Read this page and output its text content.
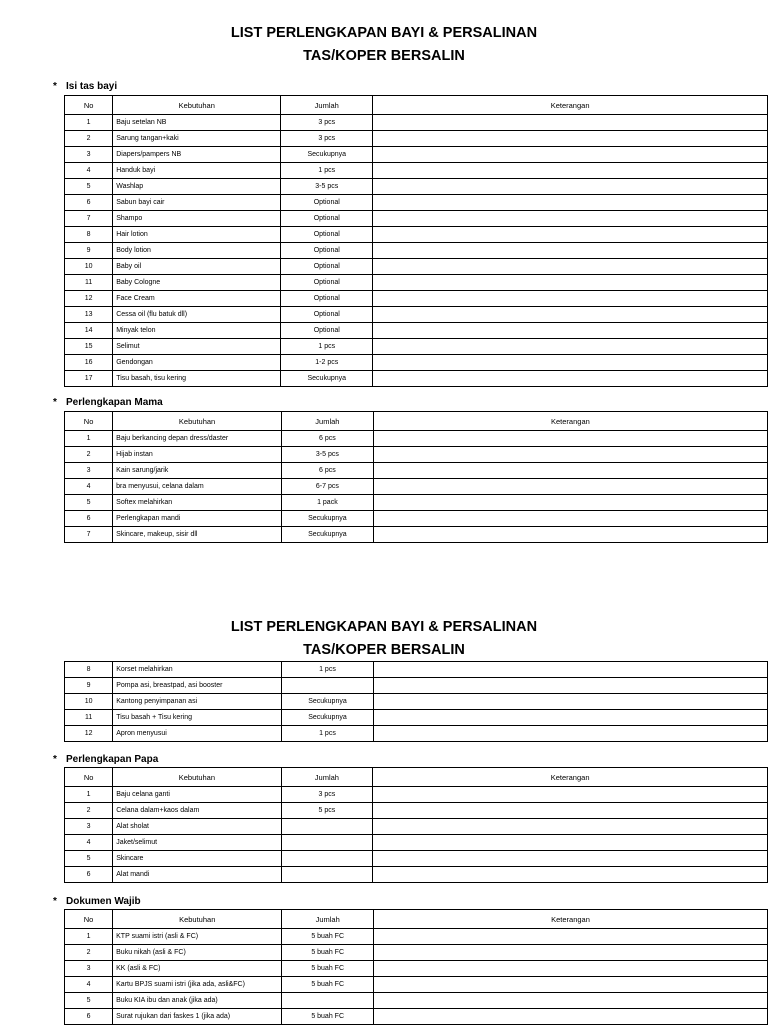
LIST PERLENGKAPAN BAYI & PERSALINAN
TAS/KOPER BERSALIN
* Isi tas bayi
No	Kebutuhan	Jumlah	Keterangan
1	Baju setelan NB	3 pcs	
2	Sarung tangan+kaki	3 pcs	
3	Diapers/pampers NB	Secukupnya	
4	Handuk bayi	1 pcs	
5	Washlap	3-5 pcs	
6	Sabun bayi cair	Optional	
7	Shampo	Optional	
8	Hair lotion	Optional	
9	Body lotion	Optional	
10	Baby oil	Optional	
11	Baby Cologne	Optional	
12	Face Cream	Optional	
13	Cessa oil (flu batuk dll)	Optional	
14	Minyak telon	Optional	
15	Selimut	1 pcs	
16	Gendongan	1-2 pcs	
17	Tisu basah, tisu kering	Secukupnya	
* Perlengkapan Mama
No	Kebutuhan	Jumlah	Keterangan
1	Baju berkancing depan dress/daster	6 pcs	
2	Hijab instan	3-5 pcs	
3	Kain sarung/jarik	6 pcs	
4	bra menyusui, celana dalam	6-7 pcs	
5	Softex melahirkan	1 pack	
6	Perlengkapan mandi	Secukupnya	
7	Skincare, makeup, sisir dll	Secukupnya	
LIST PERLENGKAPAN BAYI & PERSALINAN
TAS/KOPER BERSALIN
8	Korset melahirkan	1 pcs	
9	Pompa asi, breastpad, asi booster		
10	Kantong penyimpanan asi	Secukupnya	
11	Tisu basah + Tisu kering	Secukupnya	
12	Apron menyusui	1 pcs	
* Perlengkapan Papa
No	Kebutuhan	Jumlah	Keterangan
1	Baju celana ganti	3 pcs	
2	Celana dalam+kaos dalam	5 pcs	
3	Alat sholat		
4	Jaket/selimut		
5	Skincare		
6	Alat mandi		
* Dokumen Wajib
No	Kebutuhan	Jumlah	Keterangan
1	KTP suami istri (asli & FC)	5 buah FC	
2	Buku nikah (asli & FC)	5 buah FC	
3	KK (asli & FC)	5 buah FC	
4	Kartu BPJS suami istri (jika ada, asli&FC)	5 buah FC	
5	Buku KIA ibu dan anak (jika ada)		
6	Surat rujukan dari faskes 1 (jika ada)	5 buah FC	
